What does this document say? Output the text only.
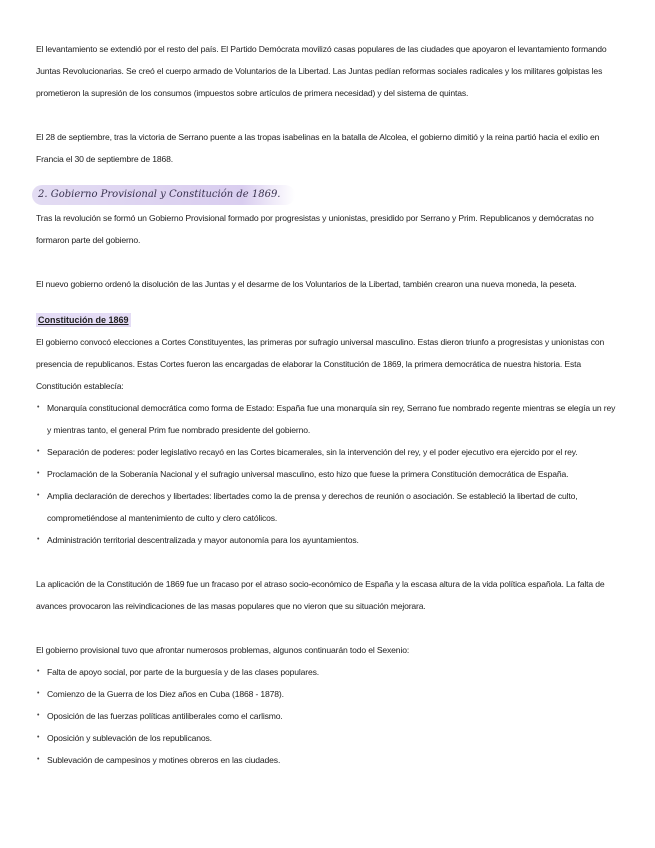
El levantamiento se extendió por el resto del país. El Partido Demócrata movilizó casas populares de las ciudades que apoyaron el levantamiento formando Juntas Revolucionarias. Se creó el cuerpo armado de Voluntarios de la Libertad. Las Juntas pedían reformas sociales radicales y los militares golpistas les prometieron la supresión de los consumos (impuestos sobre artículos de primera necesidad) y del sistema de quintas.

El 28 de septiembre, tras la victoria de Serrano puente a las tropas isabelinas en la batalla de Alcolea, el gobierno dimitió y la reina partió hacia el exilio en Francia el 30 de septiembre de 1868.

2. Gobierno Provisional y Constitución de 1869.

Tras la revolución se formó un Gobierno Provisional formado por progresistas y unionistas, presidido por Serrano y Prim. Republicanos y demócratas no formaron parte del gobierno.

El nuevo gobierno ordenó la disolución de las Juntas y el desarme de los Voluntarios de la Libertad, también crearon una nueva moneda, la peseta.

Constitución de 1869

El gobierno convocó elecciones a Cortes Constituyentes, las primeras por sufragio universal masculino. Estas dieron triunfo a progresistas y unionistas con presencia de republicanos. Estas Cortes fueron las encargadas de elaborar la Constitución de 1869, la primera democrática de nuestra historia. Esta Constitución establecía:

• Monarquía constitucional democrática como forma de Estado: España fue una monarquía sin rey, Serrano fue nombrado regente mientras se elegía un rey y mientras tanto, el general Prim fue nombrado presidente del gobierno.
• Separación de poderes: poder legislativo recayó en las Cortes bicamerales, sin la intervención del rey, y el poder ejecutivo era ejercido por el rey.
• Proclamación de la Soberanía Nacional y el sufragio universal masculino, esto hizo que fuese la primera Constitución democrática de España.
• Amplia declaración de derechos y libertades: libertades como la de prensa y derechos de reunión o asociación. Se estableció la libertad de culto, comprometiéndose al mantenimiento de culto y clero católicos.
• Administración territorial descentralizada y mayor autonomía para los ayuntamientos.

La aplicación de la Constitución de 1869 fue un fracaso por el atraso socio-económico de España y la escasa altura de la vida política española. La falta de avances provocaron las reivindicaciones de las masas populares que no vieron que su situación mejorara.

El gobierno provisional tuvo que afrontar numerosos problemas, algunos continuarán todo el Sexenio:

• Falta de apoyo social, por parte de la burguesía y de las clases populares.
• Comienzo de la Guerra de los Diez años en Cuba (1868 - 1878).
• Oposición de las fuerzas políticas antiliberales como el carlismo.
• Oposición y sublevación de los republicanos.
• Sublevación de campesinos y motines obreros en las ciudades.
